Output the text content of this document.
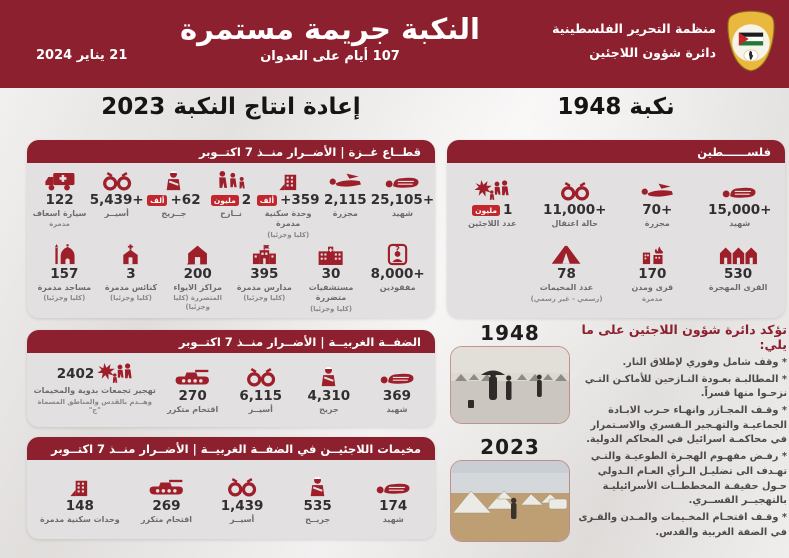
21 يناير 2024
النكبة جريمة مستمرة
107 أيام على العدوان
منظمة التحرير الفلسطينية
دائرة شؤون اللاجئين
إعادة انتاج النكبة 2023	نكبة 1948
قطــاع غــزة | الأضــرار منــذ 7 اكتــوبر
25,105+
شهيد
2,115
مجزرة
+359
ألف
وحدة سكنية مدمرة
(كليا وجزئيا)
2
مليون
نــازح
+62
ألف
جــريح
5,439+
أسيــر
122
سيارة اسعاف
مدمرة
?
8,000+
مفقودين
30
مستشفيات متضررة
(كليا وجزئيا)
395
مدارس مدمرة
(كليا وجزئيا)
200
مراكز الايواء
المتضررة (كليا وجزئيا)
3
كنائس مدمرة
(كليا وجزئيا)
157
مساجد مدمرة
(كليا وجزئيا)
الضفــة الغربيــة | الأضــرار منــذ 7 اكتــوبر
369
شهيد
4,310
جريح
6,115
أسيــر
270
اقتحام متكرر
2402
تهجير تجمعات بدوية والمخيمات
وهــدم بالقدس والمناطق المسماة "ج"
مخيمات اللاجئيــن في الضفــة الغربيــة | الأضــرار منــذ 7 اكتــوبر
174
شهيد
535
جريــح
1,439
أسيــر
269
اقتحام متكرر
148
وحدات سكنية مدمرة
فلســــــطين
15,000+
شهيد
70+
مجزرة
11,000+
حالة اعتقال
1
مليون
عدد اللاجئين
530
القرى المهجرة
170
قرى ومدن
مدمرة
78
عدد المخيمات
(رسمي - غير رسمي)
تؤكد دائرة شؤون اللاجئين على ما يلي:
* وقف شامل وفوري لإطلاق النار.
* المطالبـة بعـودة النـازحين للأماكـن التـي نزحـوا منها قسراً.
* وقـف المجـازر وانهـاء حـرب الابـادة الجماعيـة والتهـجير الـقسري والاسـتمرار في محاكمـة اسرائيل في المحاكم الدولية.
* رفـض مفهـوم الهجـرة الطوعيـة والتـي تهـدف الى تضليـل الـرأي العـام الـدولي حـول حقيقـة المخططــات الأسرائيليـة بالتهجيــر القســري.
* وقـف اقتحـام المخـيمات والمـدن والقـرى في الضفة الغربية والقدس.
1948
2023
